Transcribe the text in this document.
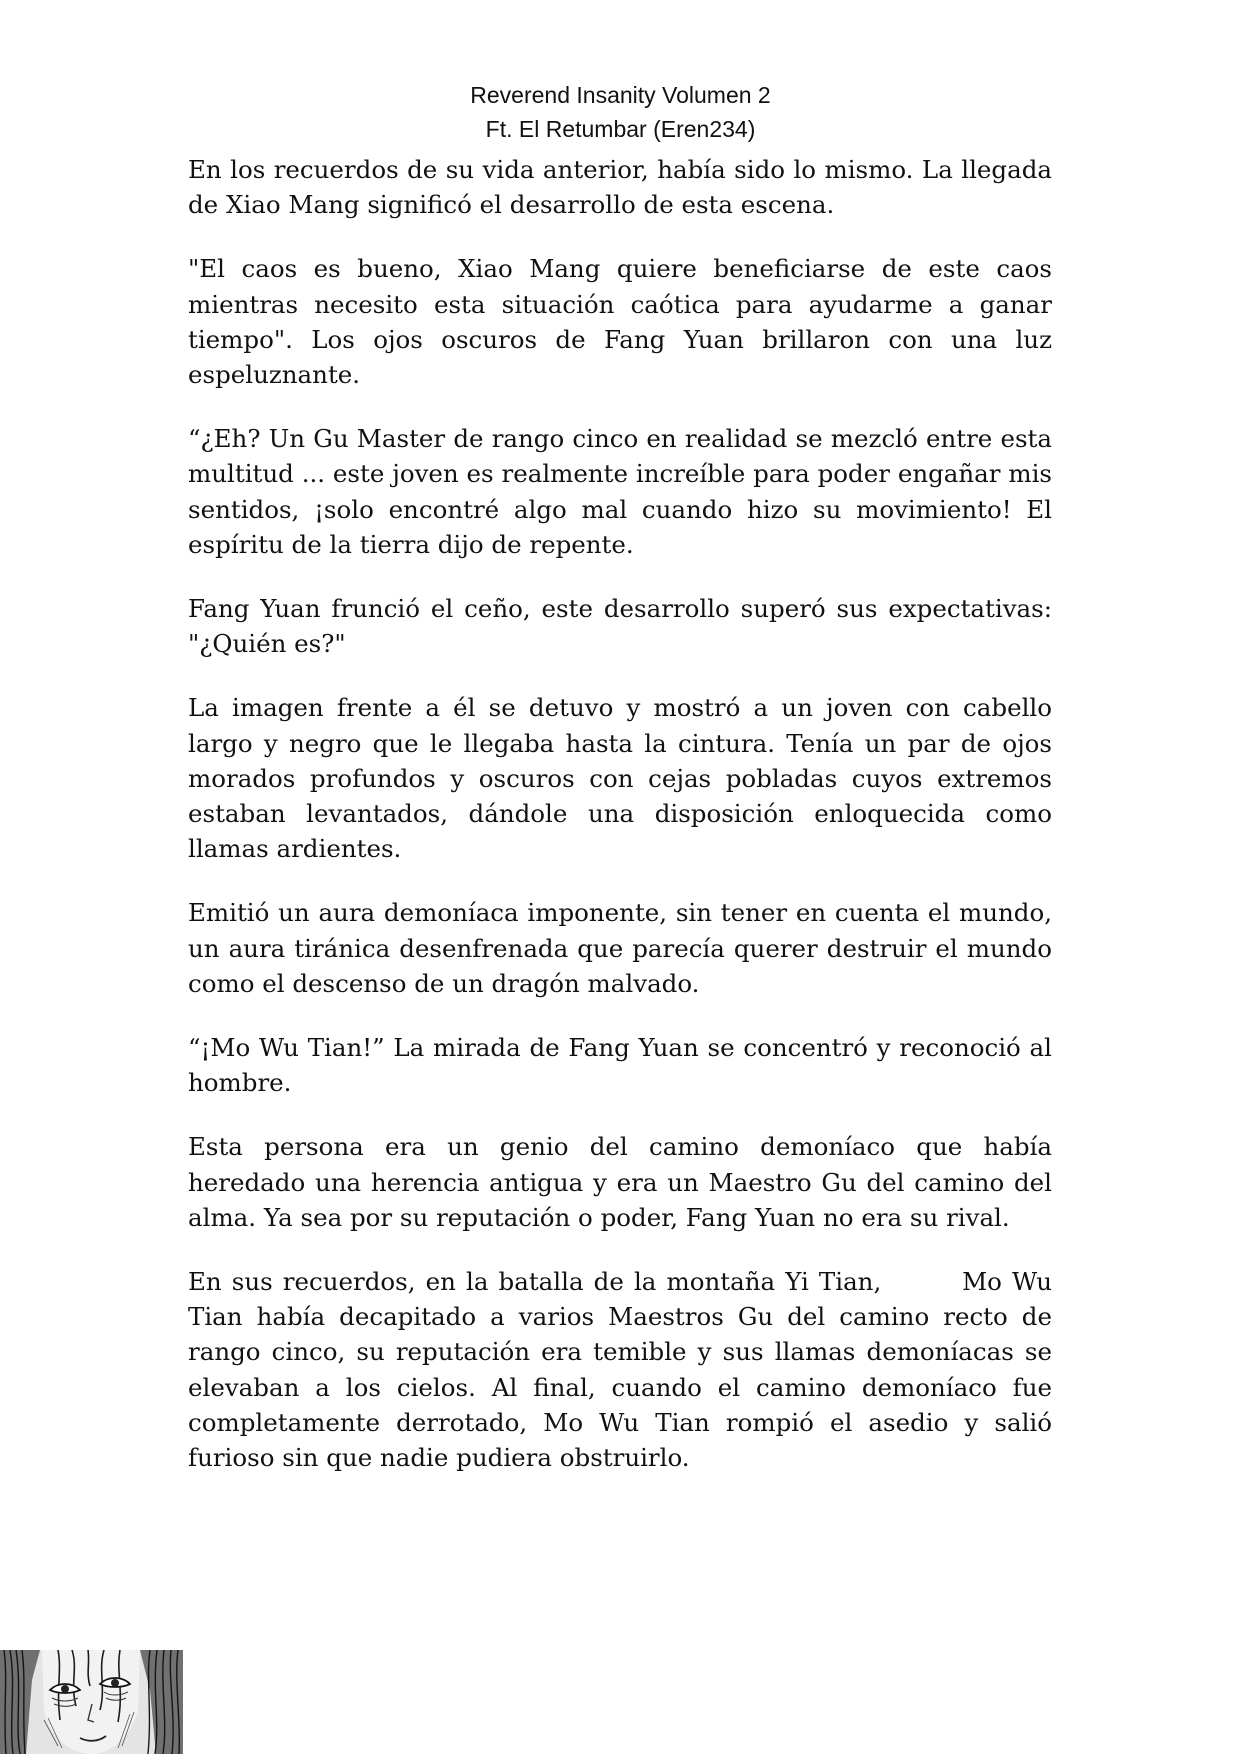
Reverend Insanity Volumen 2
Ft. El Retumbar (Eren234)

En los recuerdos de su vida anterior, había sido lo mismo. La llegada de Xiao Mang significó el desarrollo de esta escena.

"El caos es bueno, Xiao Mang quiere beneficiarse de este caos mientras necesito esta situación caótica para ayudarme a ganar tiempo". Los ojos oscuros de Fang Yuan brillaron con una luz espeluznante.

“¿Eh? Un Gu Master de rango cinco en realidad se mezcló entre esta multitud ... este joven es realmente increíble para poder engañar mis sentidos, ¡solo encontré algo mal cuando hizo su movimiento! El espíritu de la tierra dijo de repente.

Fang Yuan frunció el ceño, este desarrollo superó sus expectativas: "¿Quién es?"

La imagen frente a él se detuvo y mostró a un joven con cabello largo y negro que le llegaba hasta la cintura. Tenía un par de ojos morados profundos y oscuros con cejas pobladas cuyos extremos estaban levantados, dándole una disposición enloquecida como llamas ardientes.

Emitió un aura demoníaca imponente, sin tener en cuenta el mundo, un aura tiránica desenfrenada que parecía querer destruir el mundo como el descenso de un dragón malvado.

“¡Mo Wu Tian!” La mirada de Fang Yuan se concentró y reconoció al hombre.

Esta persona era un genio del camino demoníaco que había heredado una herencia antigua y era un Maestro Gu del camino del alma. Ya sea por su reputación o poder, Fang Yuan no era su rival.

En sus recuerdos, en la batalla de la montaña Yi Tian,        Mo Wu Tian había decapitado a varios Maestros Gu del camino recto de rango cinco, su reputación era temible y sus llamas demoníacas se elevaban a los cielos. Al final, cuando el camino demoníaco fue completamente derrotado, Mo Wu Tian rompió el asedio y salió furioso sin que nadie pudiera obstruirlo.
